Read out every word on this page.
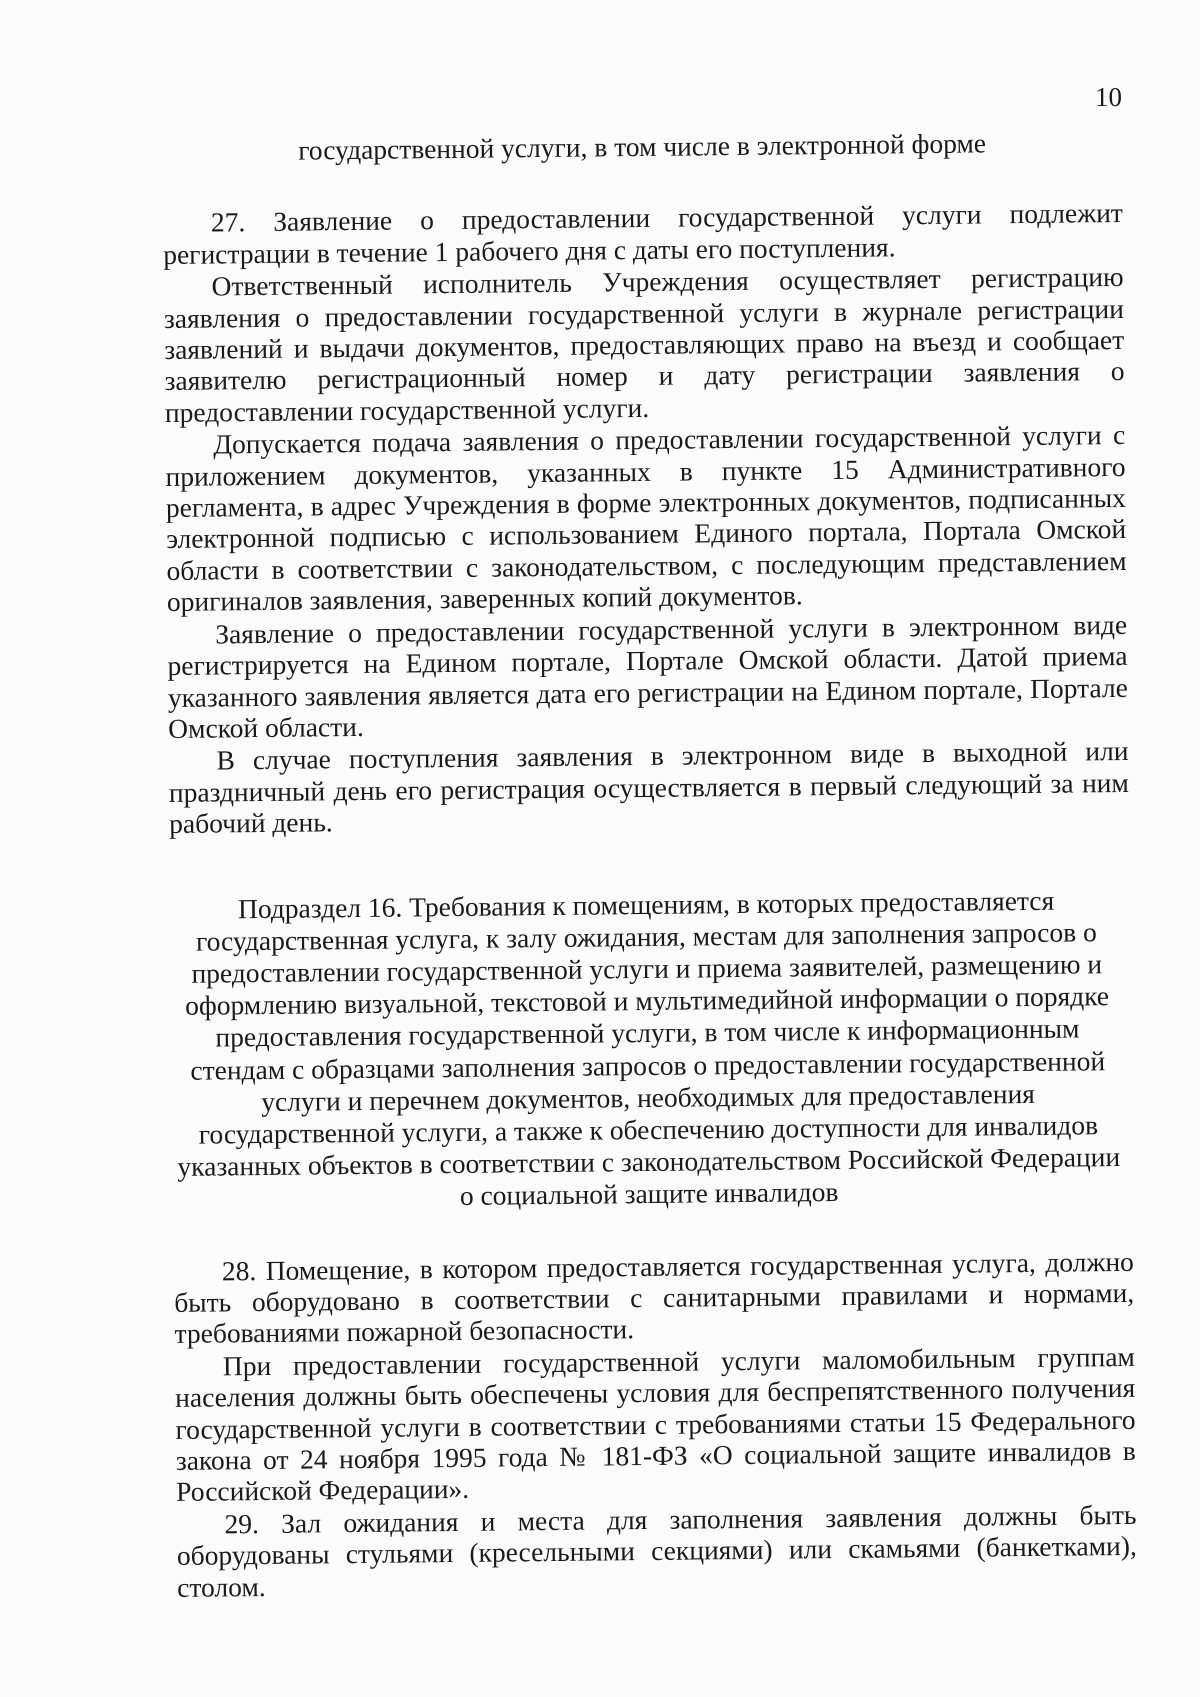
10
государственной услуги, в том числе в электронной форме

27. Заявление о предоставлении государственной услуги подлежит регистрации в течение 1 рабочего дня с даты его поступления.

Ответственный исполнитель Учреждения осуществляет регистрацию заявления о предоставлении государственной услуги в журнале регистрации заявлений и выдачи документов, предоставляющих право на въезд и сообщает заявителю регистрационный номер и дату регистрации заявления о предоставлении государственной услуги.

Допускается подача заявления о предоставлении государственной услуги с приложением документов, указанных в пункте 15 Административного регламента, в адрес Учреждения в форме электронных документов, подписанных электронной подписью с использованием Единого портала, Портала Омской области в соответствии с законодательством, с последующим представлением оригиналов заявления, заверенных копий документов.

Заявление о предоставлении государственной услуги в электронном виде регистрируется на Едином портале, Портале Омской области. Датой приема указанного заявления является дата его регистрации на Едином портале, Портале Омской области.

В случае поступления заявления в электронном виде в выходной или праздничный день его регистрация осуществляется в первый следующий за ним рабочий день.

Подраздел 16. Требования к помещениям, в которых предоставляется государственная услуга, к залу ожидания, местам для заполнения запросов о предоставлении государственной услуги и приема заявителей, размещению и оформлению визуальной, текстовой и мультимедийной информации о порядке предоставления государственной услуги, в том числе к информационным стендам с образцами заполнения запросов о предоставлении государственной услуги и перечнем документов, необходимых для предоставления государственной услуги, а также к обеспечению доступности для инвалидов указанных объектов в соответствии с законодательством Российской Федерации о социальной защите инвалидов

28. Помещение, в котором предоставляется государственная услуга, должно быть оборудовано в соответствии с санитарными правилами и нормами, требованиями пожарной безопасности.

При предоставлении государственной услуги маломобильным группам населения должны быть обеспечены условия для беспрепятственного получения государственной услуги в соответствии с требованиями статьи 15 Федерального закона от 24 ноября 1995 года № 181-ФЗ «О социальной защите инвалидов в Российской Федерации».

29. Зал ожидания и места для заполнения заявления должны быть оборудованы стульями (кресельными секциями) или скамьями (банкетками), столом.
